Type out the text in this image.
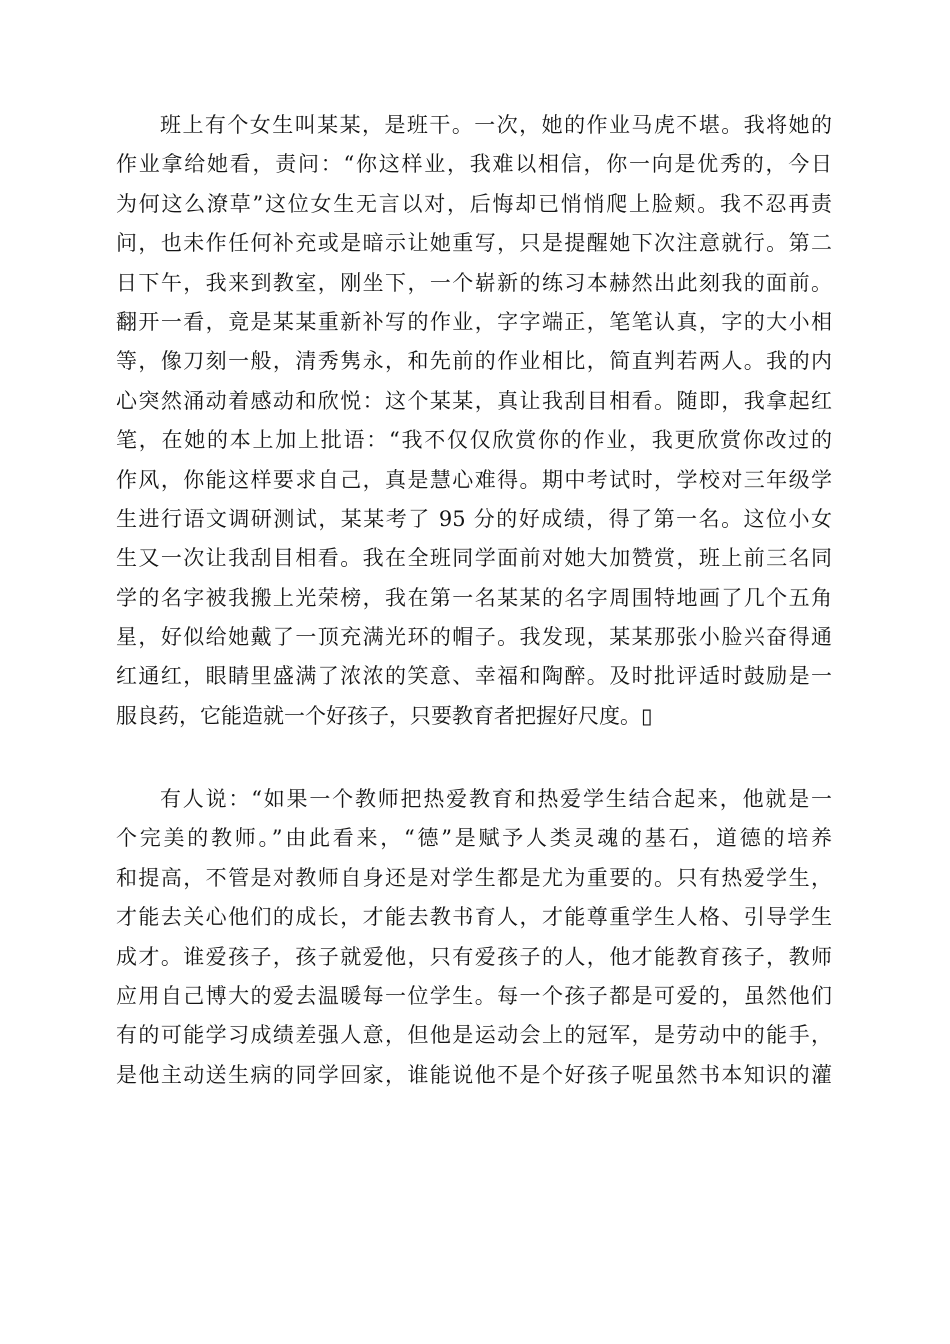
班上有个女生叫某某，是班干。一次，她的作业马虎不堪。我将她的
作业拿给她看，责问：“你这样业，我难以相信，你一向是优秀的，今日
为何这么潦草”这位女生无言以对，后悔却已悄悄爬上脸颊。我不忍再责
问，也未作任何补充或是暗示让她重写，只是提醒她下次注意就行。第二
日下午，我来到教室，刚坐下，一个崭新的练习本赫然出此刻我的面前。
翻开一看，竟是某某重新补写的作业，字字端正，笔笔认真，字的大小相
等，像刀刻一般，清秀隽永，和先前的作业相比，简直判若两人。我的内
心突然涌动着感动和欣悦：这个某某，真让我刮目相看。随即，我拿起红
笔，在她的本上加上批语：“我不仅仅欣赏你的作业，我更欣赏你改过的
作风，你能这样要求自己，真是慧心难得。期中考试时，学校对三年级学
生进行语文调研测试，某某考了 95 分的好成绩，得了第一名。这位小女
生又一次让我刮目相看。我在全班同学面前对她大加赞赏，班上前三名同
学的名字被我搬上光荣榜，我在第一名某某的名字周围特地画了几个五角
星，好似给她戴了一顶充满光环的帽子。我发现，某某那张小脸兴奋得通
红通红，眼睛里盛满了浓浓的笑意、幸福和陶醉。及时批评适时鼓励是一
服良药，它能造就一个好孩子，只要教育者把握好尺度。▯
有人说：“如果一个教师把热爱教育和热爱学生结合起来，他就是一
个完美的教师。”由此看来，“德”是赋予人类灵魂的基石，道德的培养
和提高，不管是对教师自身还是对学生都是尤为重要的。只有热爱学生，
才能去关心他们的成长，才能去教书育人，才能尊重学生人格、引导学生
成才。谁爱孩子，孩子就爱他，只有爱孩子的人，他才能教育孩子，教师
应用自己博大的爱去温暖每一位学生。每一个孩子都是可爱的，虽然他们
有的可能学习成绩差强人意，但他是运动会上的冠军，是劳动中的能手，
是他主动送生病的同学回家，谁能说他不是个好孩子呢虽然书本知识的灌
